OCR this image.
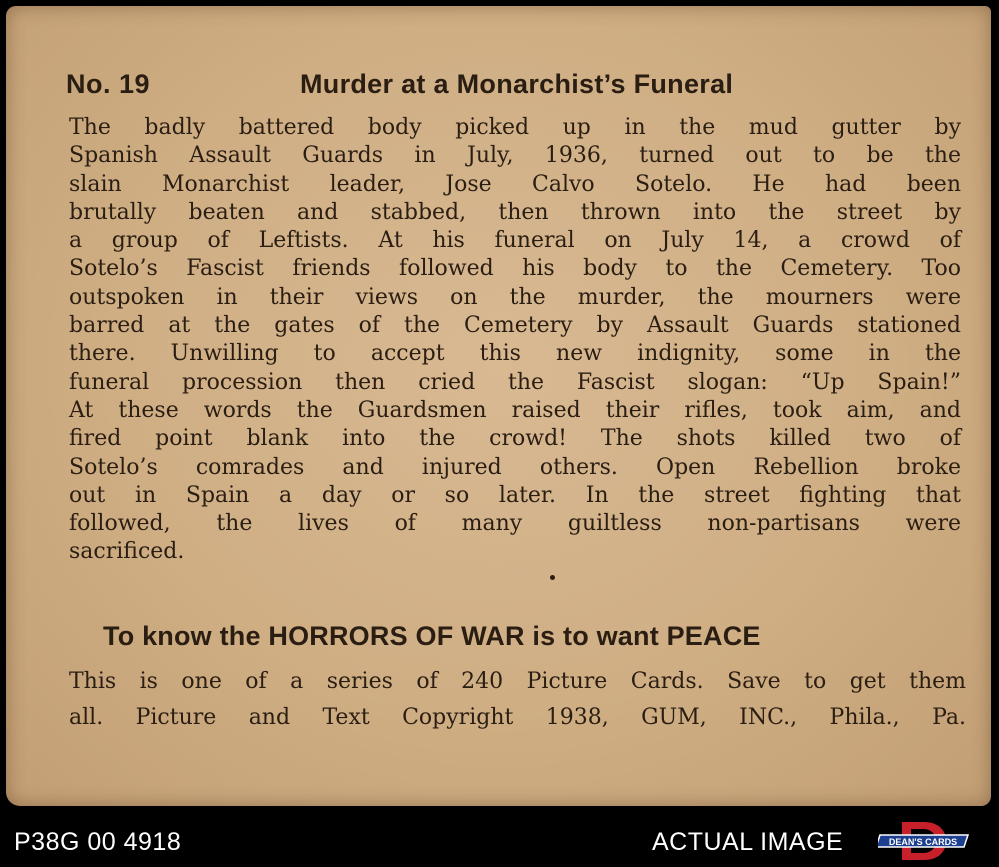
No. 19	Murder at a Monarchist’s Funeral
The badly battered body picked up in the mud gutter by
Spanish Assault Guards in July, 1936, turned out to be the
slain Monarchist leader, Jose Calvo Sotelo. He had been
brutally beaten and stabbed, then thrown into the street by
a group of Leftists. At his funeral on July 14, a crowd of
Sotelo’s Fascist friends followed his body to the Cemetery. Too
outspoken in their views on the murder, the mourners were
barred at the gates of the Cemetery by Assault Guards stationed
there. Unwilling to accept this new indignity, some in the
funeral procession then cried the Fascist slogan: “Up Spain!”
At these words the Guardsmen raised their rifles, took aim, and
fired point blank into the crowd! The shots killed two of
Sotelo’s comrades and injured others. Open Rebellion broke
out in Spain a day or so later. In the street fighting that
followed, the lives of many guiltless non-partisans were
sacrificed.
To know the HORRORS OF WAR is to want PEACE
This is one of a series of 240 Picture Cards. Save to get them
all. Picture and Text Copyright 1938, GUM, INC., Phila., Pa.
P38G 00 4918	ACTUAL IMAGE	DEAN'S CARDS
